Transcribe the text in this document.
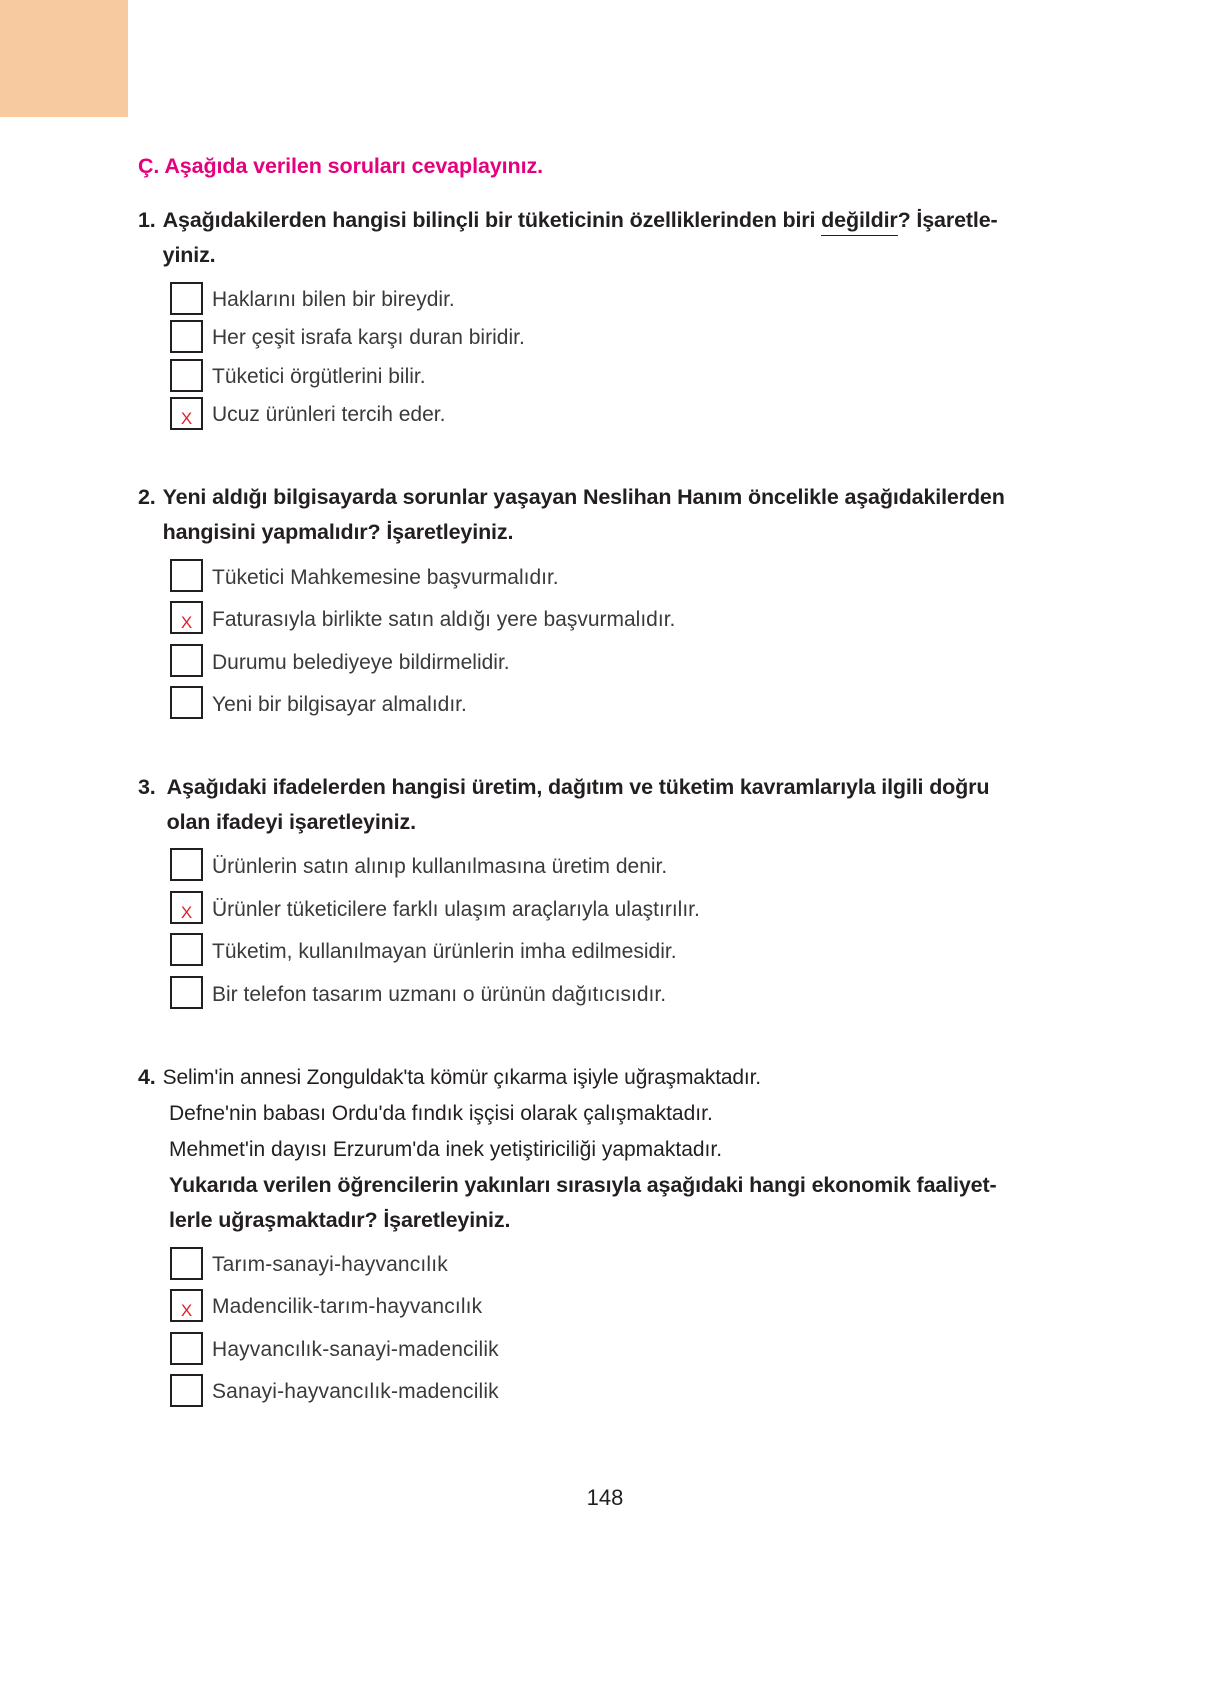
Ç. Aşağıda verilen soruları cevaplayınız.
1. Aşağıdakilerden hangisi bilinçli bir tüketicinin özelliklerinden biri değildir? İşaretle-
yiniz.
Haklarını bilen bir bireydir.
Her çeşit israfa karşı duran biridir.
Tüketici örgütlerini bilir.
X Ucuz ürünleri tercih eder.
2. Yeni aldığı bilgisayarda sorunlar yaşayan Neslihan Hanım öncelikle aşağıdakilerden
hangisini yapmalıdır? İşaretleyiniz.
Tüketici Mahkemesine başvurmalıdır.
X Faturasıyla birlikte satın aldığı yere başvurmalıdır.
Durumu belediyeye bildirmelidir.
Yeni bir bilgisayar almalıdır.
3. Aşağıdaki ifadelerden hangisi üretim, dağıtım ve tüketim kavramlarıyla ilgili doğru
olan ifadeyi işaretleyiniz.
Ürünlerin satın alınıp kullanılmasına üretim denir.
X Ürünler tüketicilere farklı ulaşım araçlarıyla ulaştırılır.
Tüketim, kullanılmayan ürünlerin imha edilmesidir.
Bir telefon tasarım uzmanı o ürünün dağıtıcısıdır.
4. Selim'in annesi Zonguldak'ta kömür çıkarma işiyle uğraşmaktadır.
Defne'nin babası Ordu'da fındık işçisi olarak çalışmaktadır.
Mehmet'in dayısı Erzurum'da inek yetiştiriciliği yapmaktadır.
Yukarıda verilen öğrencilerin yakınları sırasıyla aşağıdaki hangi ekonomik faaliyet-
lerle uğraşmaktadır? İşaretleyiniz.
Tarım-sanayi-hayvancılık
X Madencilik-tarım-hayvancılık
Hayvancılık-sanayi-madencilik
Sanayi-hayvancılık-madencilik
148
